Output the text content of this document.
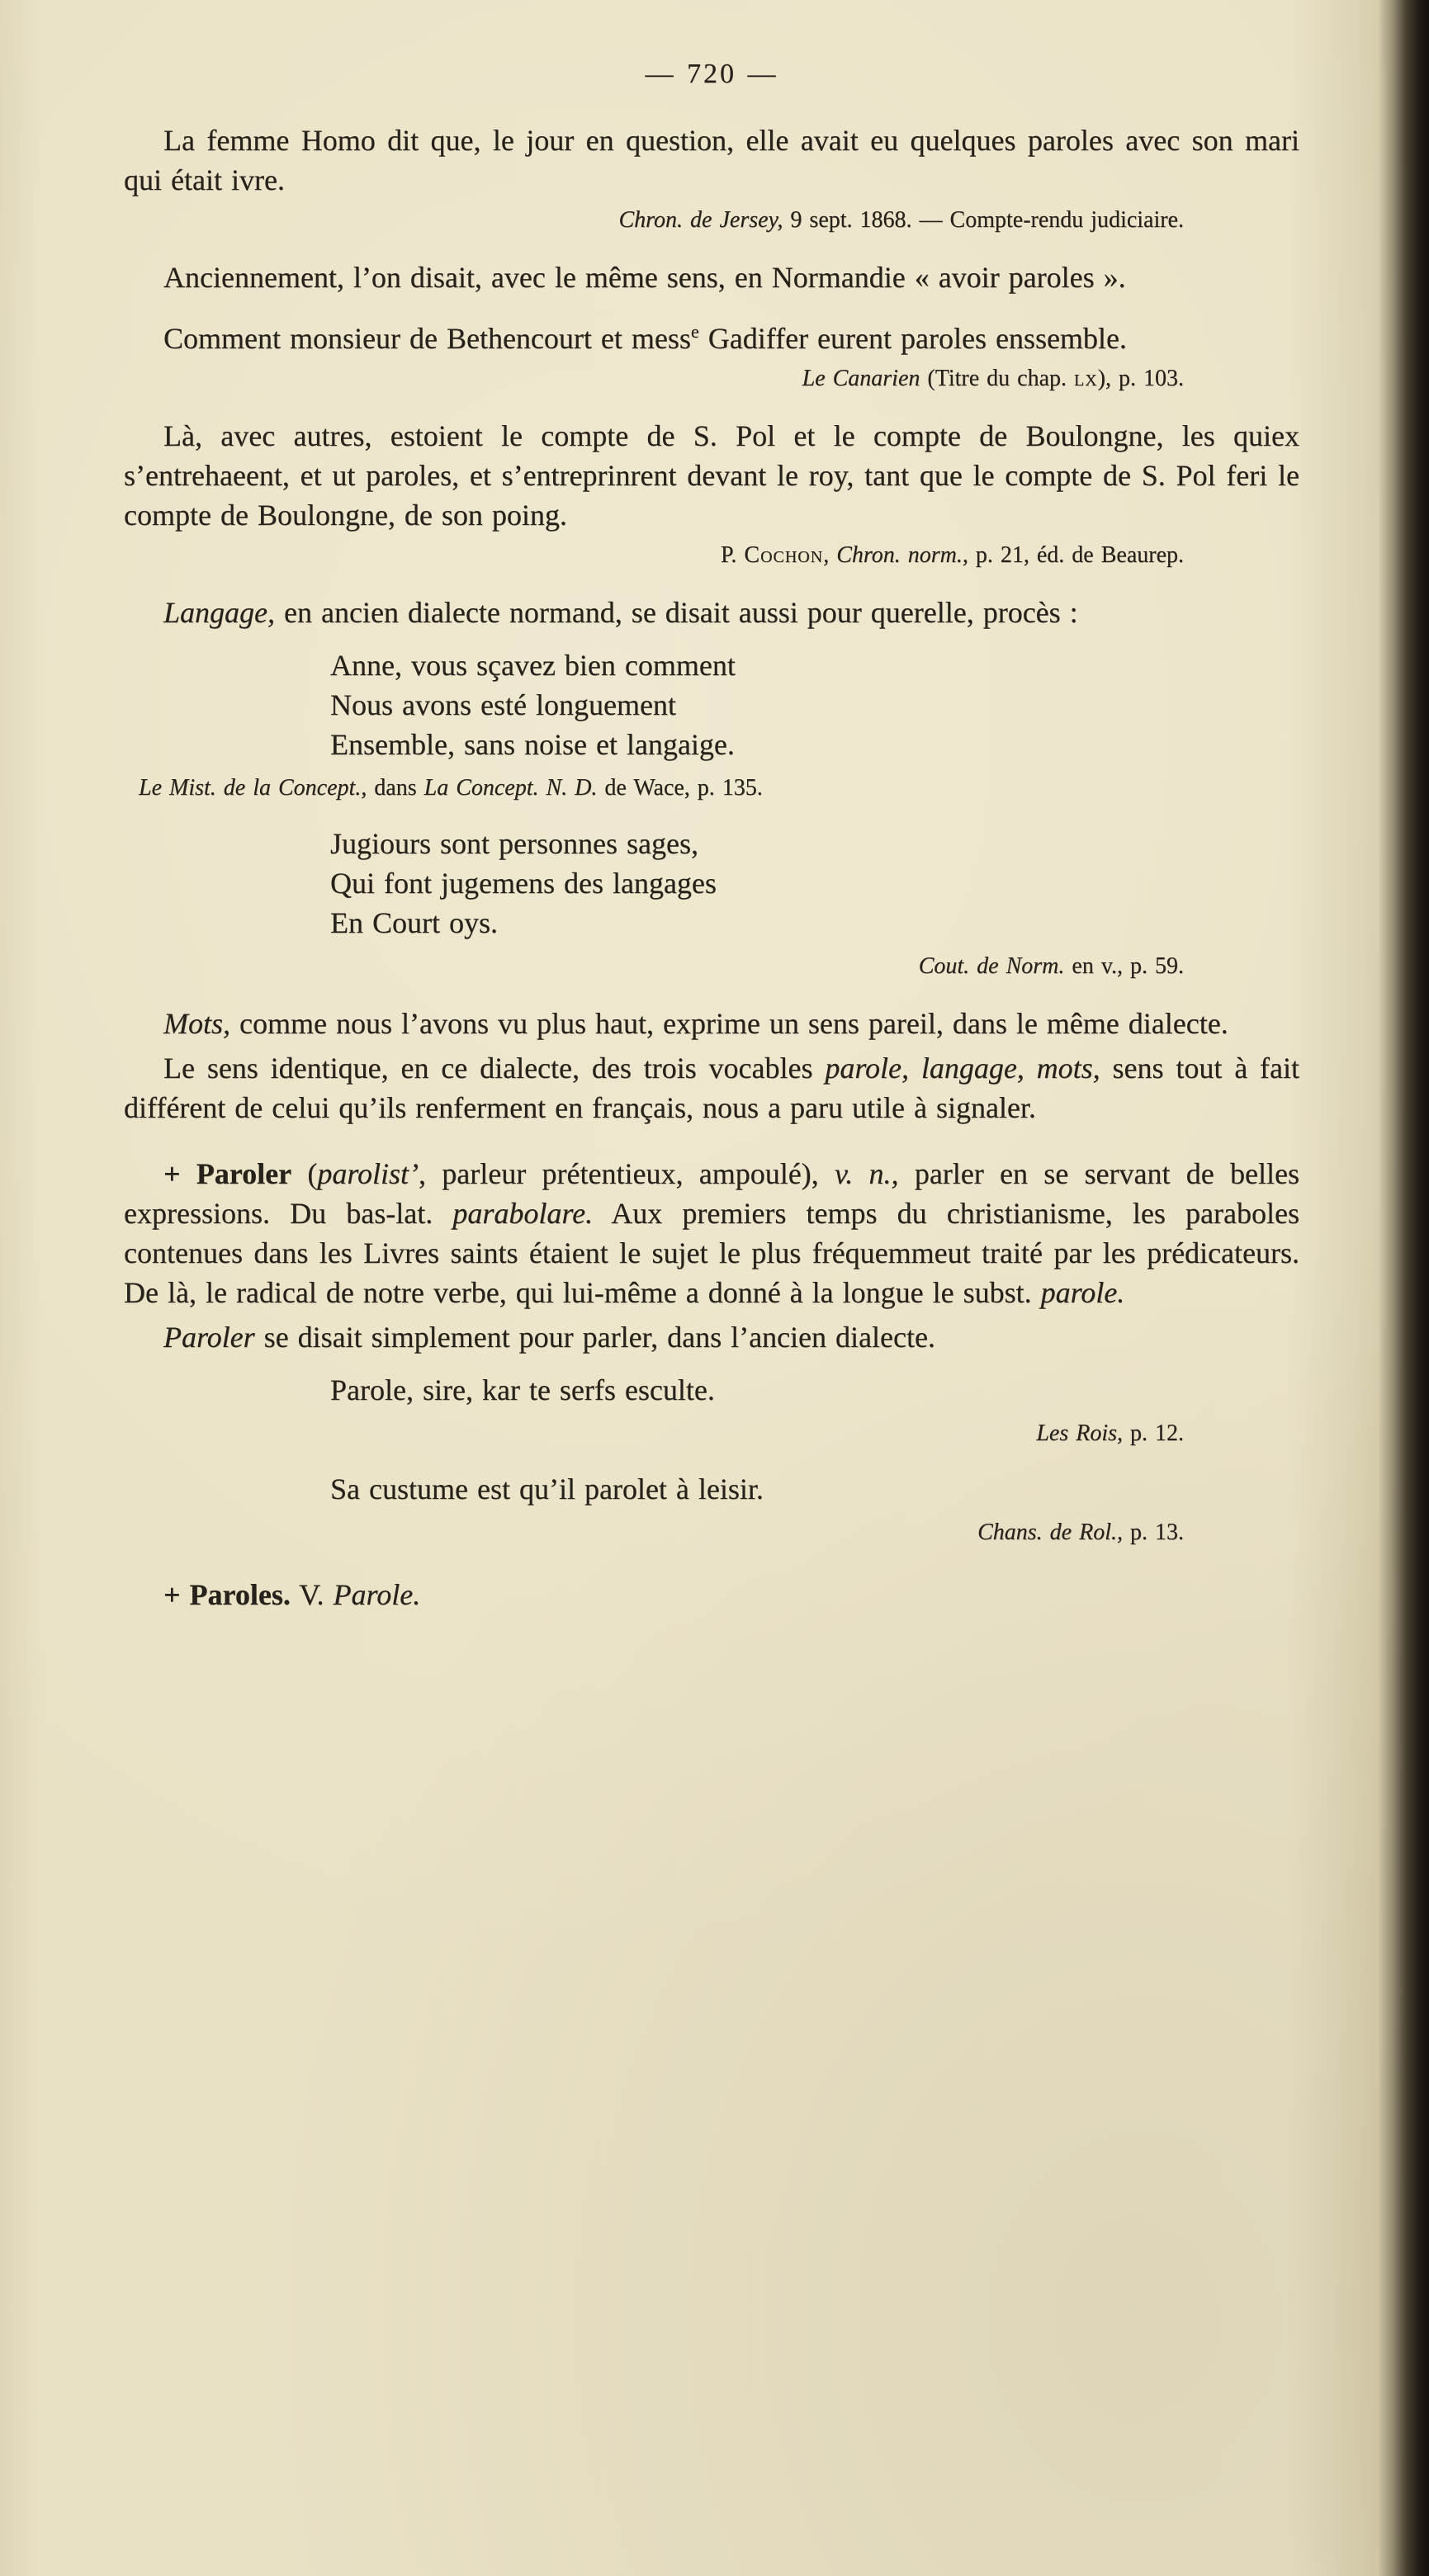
— 720 —
La femme Homo dit que, le jour en question, elle avait eu quelques paroles avec son mari qui était ivre.
Chron. de Jersey, 9 sept. 1868. — Compte-rendu judiciaire.
Anciennement, l’on disait, avec le même sens, en Normandie « avoir paroles ».
Comment monsieur de Bethencourt et mess$^e$ Gadiffer eurent paroles enssemble.
Le Canarien (Titre du chap. lx), p. 103.
Là, avec autres, estoient le compte de S. Pol et le compte de Boulongne, les quiex s’entrehaeent, et ut paroles, et s’entreprinrent devant le roy, tant que le compte de S. Pol feri le compte de Boulongne, de son poing.
P. Cochon, Chron. norm., p. 21, éd. de Beaurep.
Langage, en ancien dialecte normand, se disait aussi pour querelle, procès :
Anne, vous sçavez bien comment
Nous avons esté longuement
Ensemble, sans noise et langaige.
Le Mist. de la Concept., dans La Concept. N. D. de Wace, p. 135.
Jugiours sont personnes sages,
Qui font jugemens des langages
En Court oys.
Cout. de Norm. en v., p. 59.
Mots, comme nous l’avons vu plus haut, exprime un sens pareil, dans le même dialecte.
Le sens identique, en ce dialecte, des trois vocables parole, langage, mots, sens tout à fait différent de celui qu’ils renferment en français, nous a paru utile à signaler.
+ Paroler (parolist’, parleur prétentieux, ampoulé), v. n., parler en se servant de belles expressions. Du bas-lat. parabolare. Aux premiers temps du christianisme, les paraboles contenues dans les Livres saints étaient le sujet le plus fréquemmeut traité par les prédicateurs. De là, le radical de notre verbe, qui lui-même a donné à la longue le subst. parole.
Paroler se disait simplement pour parler, dans l’ancien dialecte.
Parole, sire, kar te serfs esculte.
Les Rois, p. 12.
Sa custume est qu’il parolet à leisir.
Chans. de Rol., p. 13.
+ Paroles. V. Parole.
